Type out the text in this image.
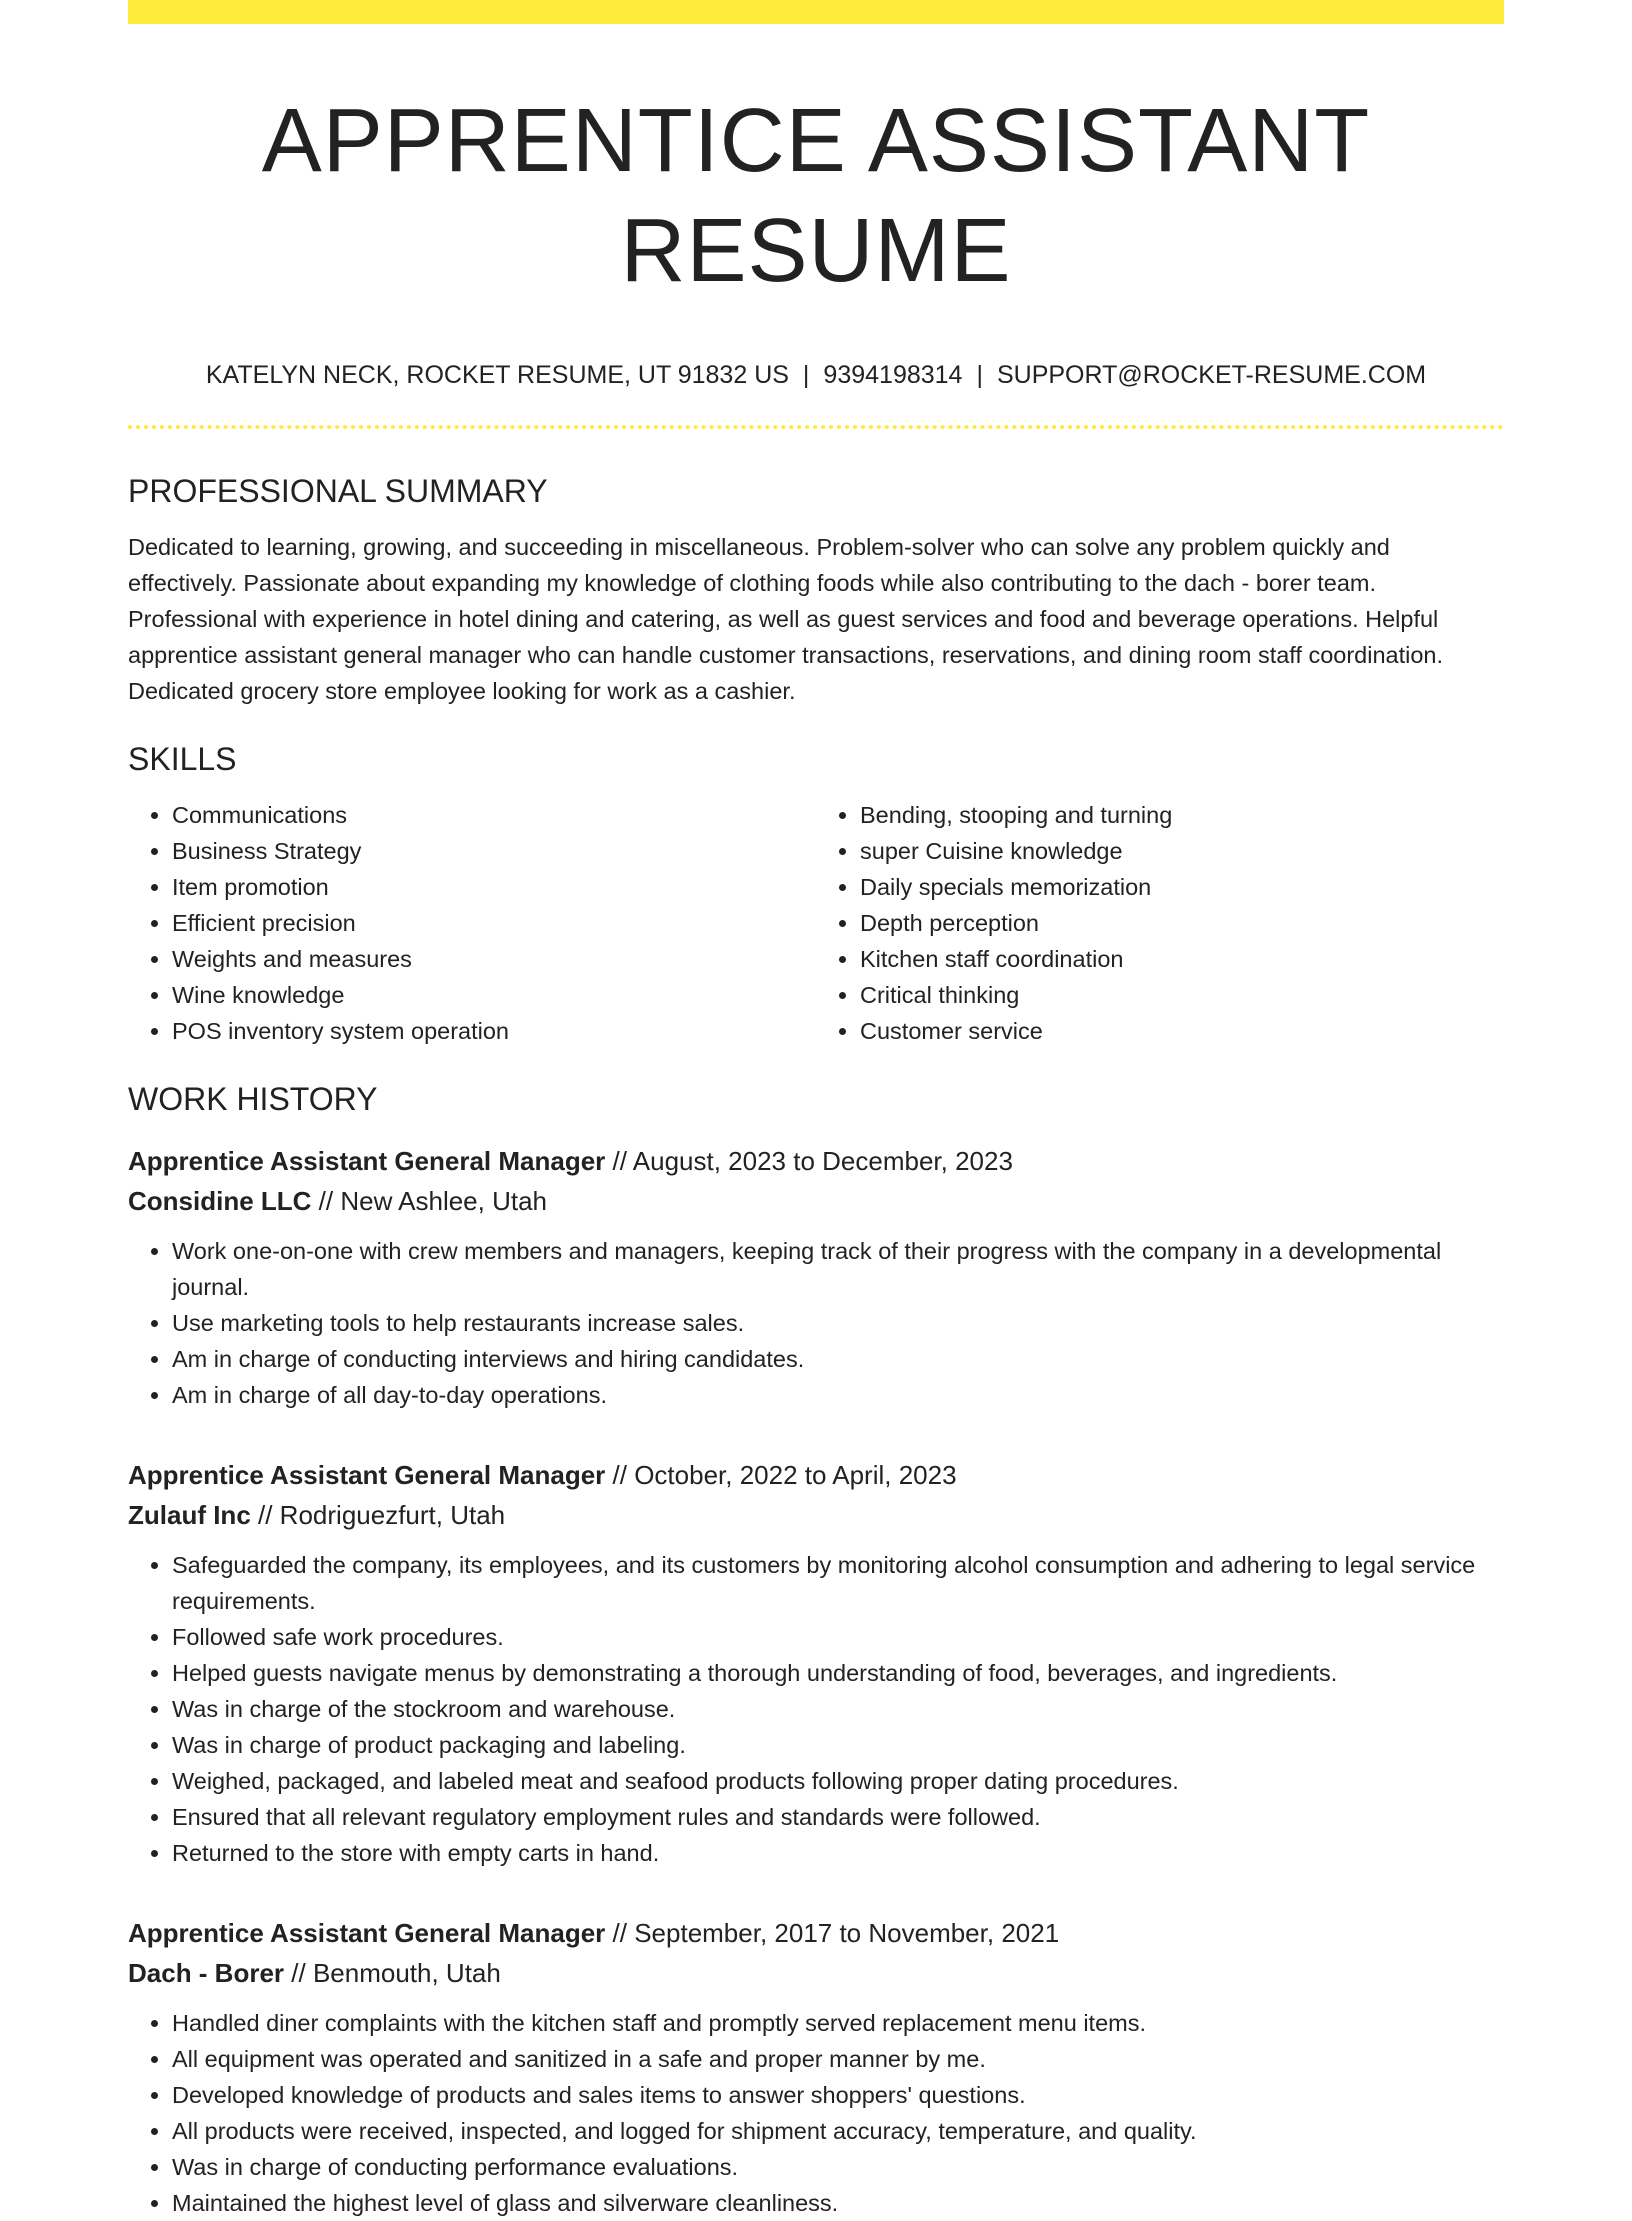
APPRENTICE ASSISTANT RESUME
KATELYN NECK, ROCKET RESUME, UT 91832 US | 9394198314 | SUPPORT@ROCKET-RESUME.COM
PROFESSIONAL SUMMARY

Dedicated to learning, growing, and succeeding in miscellaneous. Problem-solver who can solve any problem quickly and effectively. Passionate about expanding my knowledge of clothing foods while also contributing to the dach - borer team. Professional with experience in hotel dining and catering, as well as guest services and food and beverage operations. Helpful apprentice assistant general manager who can handle customer transactions, reservations, and dining room staff coordination. Dedicated grocery store employee looking for work as a cashier.

SKILLS
• Communications
• Business Strategy
• Item promotion
• Efficient precision
• Weights and measures
• Wine knowledge
• POS inventory system operation
• Bending, stooping and turning
• super Cuisine knowledge
• Daily specials memorization
• Depth perception
• Kitchen staff coordination
• Critical thinking
• Customer service
WORK HISTORY
Apprentice Assistant General Manager // August, 2023 to December, 2023
Considine LLC // New Ashlee, Utah
• Work one-on-one with crew members and managers, keeping track of their progress with the company in a developmental journal.
• Use marketing tools to help restaurants increase sales.
• Am in charge of conducting interviews and hiring candidates.
• Am in charge of all day-to-day operations.
Apprentice Assistant General Manager // October, 2022 to April, 2023
Zulauf Inc // Rodriguezfurt, Utah
• Safeguarded the company, its employees, and its customers by monitoring alcohol consumption and adhering to legal service requirements.
• Followed safe work procedures.
• Helped guests navigate menus by demonstrating a thorough understanding of food, beverages, and ingredients.
• Was in charge of the stockroom and warehouse.
• Was in charge of product packaging and labeling.
• Weighed, packaged, and labeled meat and seafood products following proper dating procedures.
• Ensured that all relevant regulatory employment rules and standards were followed.
• Returned to the store with empty carts in hand.
Apprentice Assistant General Manager // September, 2017 to November, 2021
Dach - Borer // Benmouth, Utah
• Handled diner complaints with the kitchen staff and promptly served replacement menu items.
• All equipment was operated and sanitized in a safe and proper manner by me.
• Developed knowledge of products and sales items to answer shoppers' questions.
• All products were received, inspected, and logged for shipment accuracy, temperature, and quality.
• Was in charge of conducting performance evaluations.
• Maintained the highest level of glass and silverware cleanliness.
